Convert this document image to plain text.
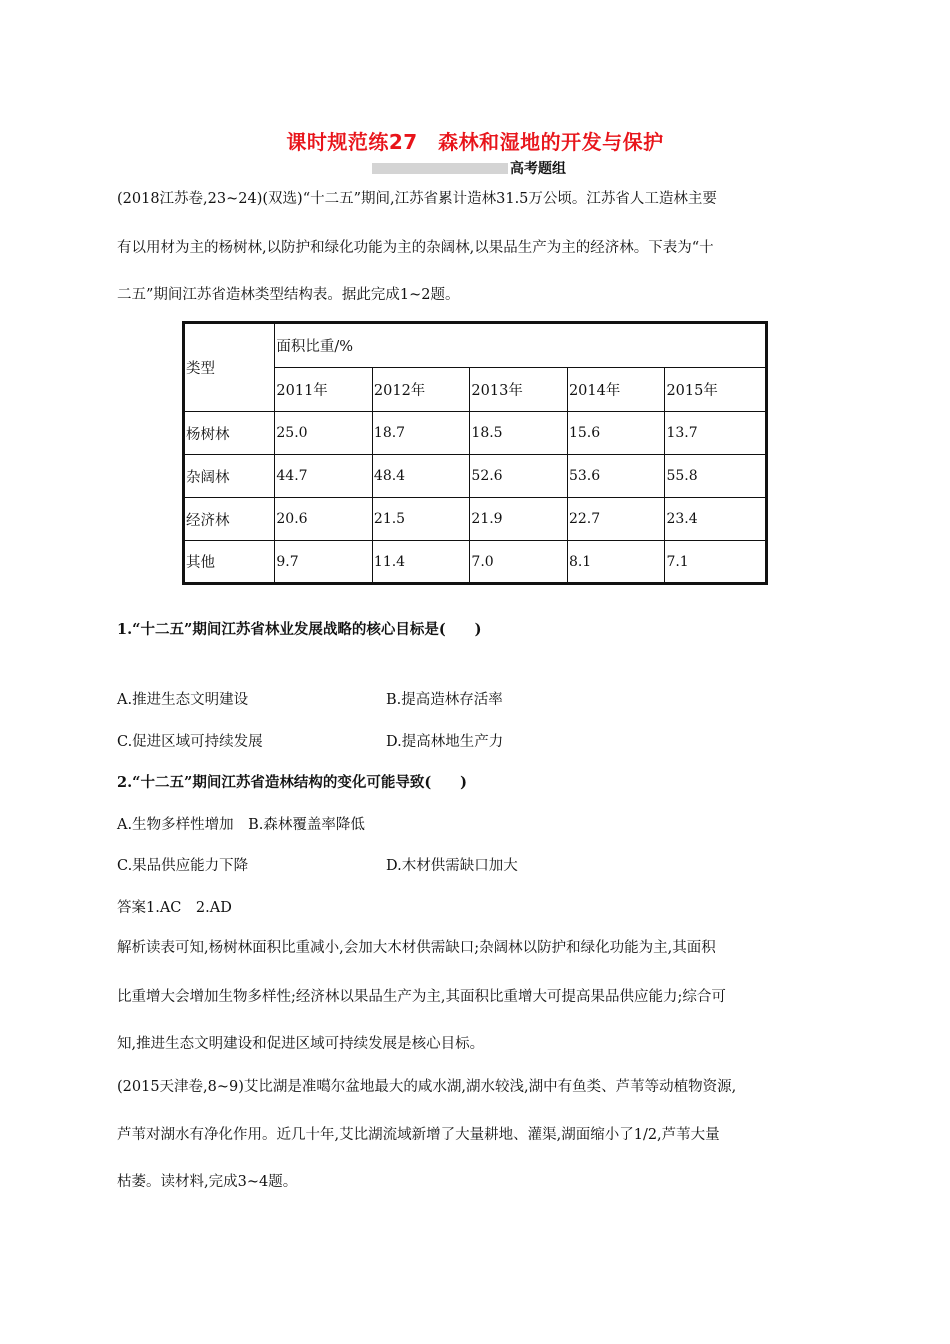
课时规范练27　森林和湿地的开发与保护
高考题组
(2018江苏卷,23~24)(双选)“十二五”期间,江苏省累计造林31.5万公顷。江苏省人工造林主要
有以用材为主的杨树林,以防护和绿化功能为主的杂阔林,以果品生产为主的经济林。下表为“十
二五”期间江苏省造林类型结构表。据此完成1~2题。
类型	面积比重/%				
	2011年	2012年	2013年	2014年	2015年
杨树林	25.0	18.7	18.5	15.6	13.7
杂阔林	44.7	48.4	52.6	53.6	55.8
经济林	20.6	21.5	21.9	22.7	23.4
其他	9.7	11.4	7.0	8.1	7.1
1.“十二五”期间江苏省林业发展战略的核心目标是(　　)
A.推进生态文明建设	B.提高造林存活率
C.促进区域可持续发展	D.提高林地生产力
2.“十二五”期间江苏省造林结构的变化可能导致(　　)
A.生物多样性增加　B.森林覆盖率降低
C.果品供应能力下降	D.木材供需缺口加大
答案1.AC　2.AD
解析读表可知,杨树林面积比重减小,会加大木材供需缺口;杂阔林以防护和绿化功能为主,其面积
比重增大会增加生物多样性;经济林以果品生产为主,其面积比重增大可提高果品供应能力;综合可
知,推进生态文明建设和促进区域可持续发展是核心目标。
(2015天津卷,8~9)艾比湖是准噶尔盆地最大的咸水湖,湖水较浅,湖中有鱼类、芦苇等动植物资源,
芦苇对湖水有净化作用。近几十年,艾比湖流域新增了大量耕地、灌渠,湖面缩小了1/2,芦苇大量
枯萎。读材料,完成3~4题。
